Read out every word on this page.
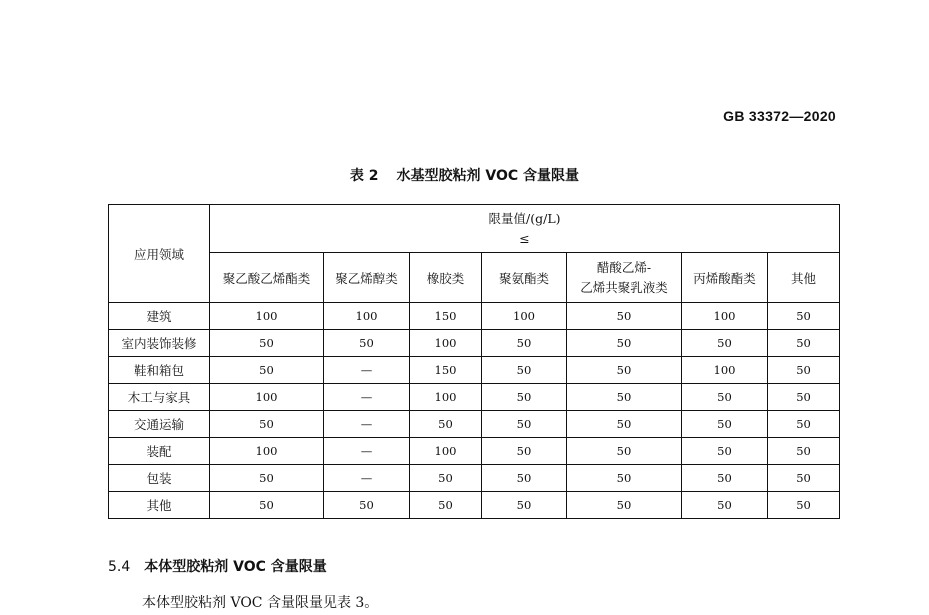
GB 33372—2020
表 2 水基型胶粘剂 VOC 含量限量
应用领域	限量值/(g/L)
≤						

	聚乙酸乙烯酯类	聚乙烯醇类	橡胶类	聚氨酯类	醋酸乙烯-
乙烯共聚乳液类	丙烯酸酯类	其他
建筑	100	100	150	100	50	100	50
室内装饰装修	50	50	100	50	50	50	50
鞋和箱包	50	—	150	50	50	100	50
木工与家具	100	—	100	50	50	50	50
交通运输	50	—	50	50	50	50	50
装配	100	—	100	50	50	50	50
包装	50	—	50	50	50	50	50
其他	50	50	50	50	50	50	50
5.4 本体型胶粘剂 VOC 含量限量
本体型胶粘剂 VOC 含量限量见表 3。
